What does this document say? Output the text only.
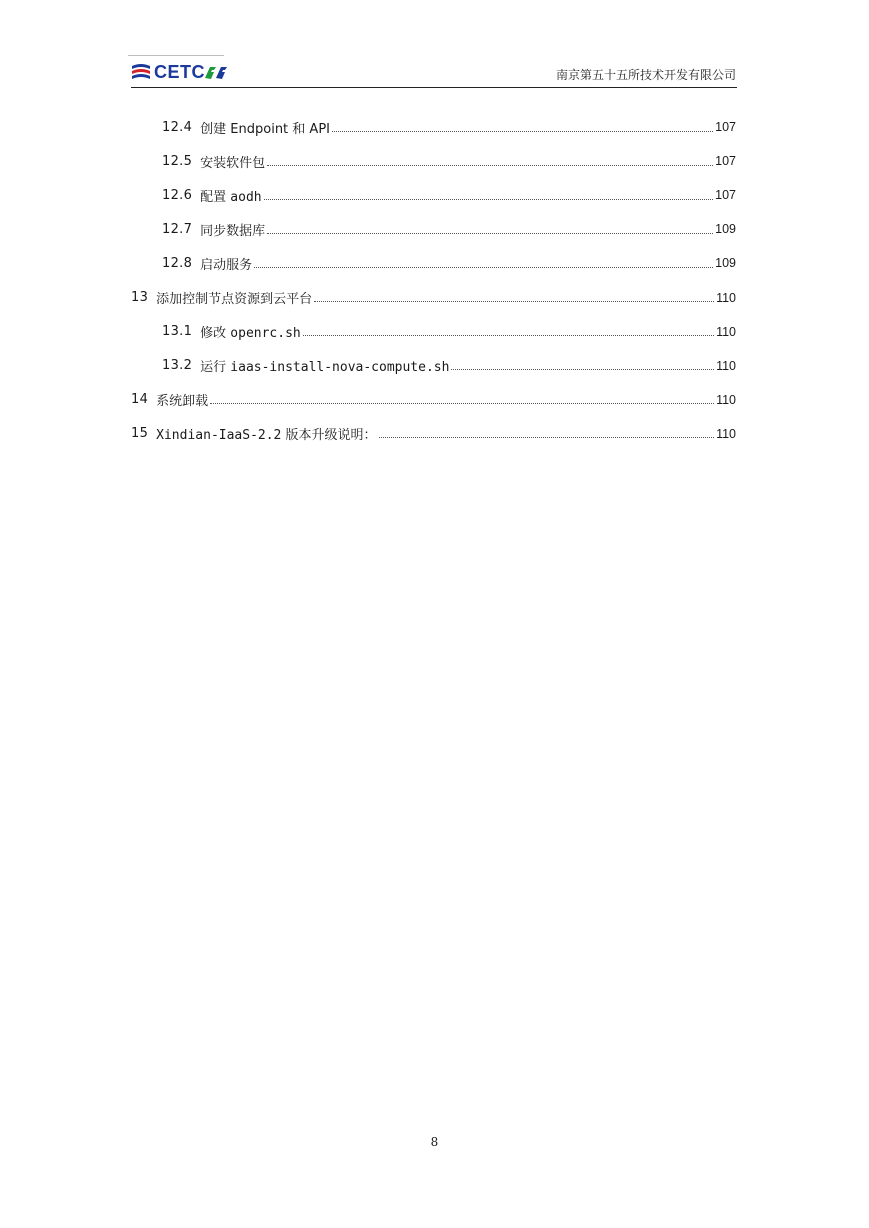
CETC	南京第五十五所技术开发有限公司
12.4 创建 Endpoint 和 API	107
12.5 安装软件包	107
12.6 配置 aodh	107
12.7 同步数据库	109
12.8 启动服务	109
13 添加控制节点资源到云平台	110
13.1 修改 openrc.sh	110
13.2 运行 iaas-install-nova-compute.sh	110
14 系统卸载	110
15 Xindian-IaaS-2.2 版本升级说明：	110
8
